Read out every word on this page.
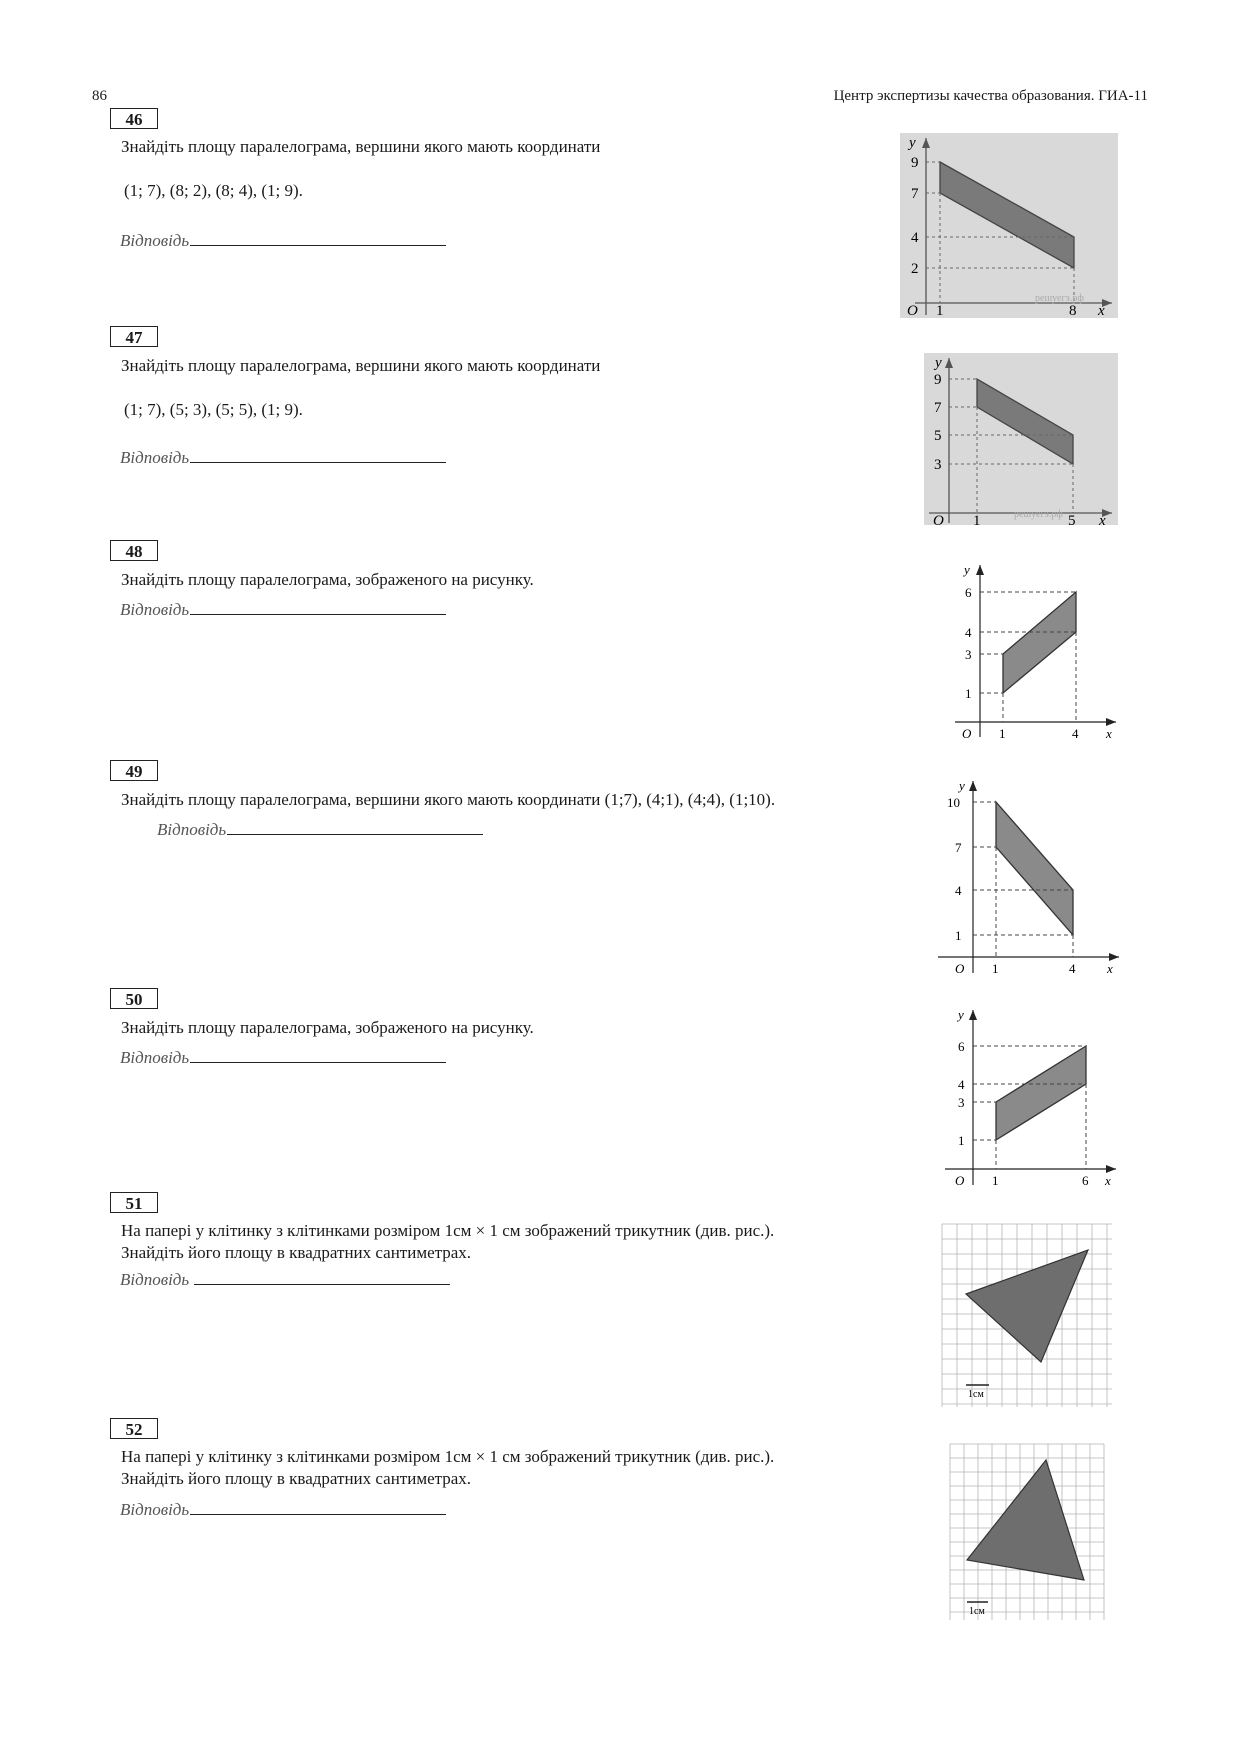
86	Центр экспертизы качества образования. ГИА-11
46
Знайдіть площу паралелограма, вершини якого мають координати
(1; 7), (8; 2), (8; 4), (1; 9).
Відповідь
9
7
4
2
1	8
O	x
y
решуегэ.рф
47
Знайдіть площу паралелограма, вершини якого мають координати
(1; 7), (5; 3), (5; 5), (1; 9).
Відповідь
9
7
5
3
1	5
O	x
y
решуегэ.рф
48
Знайдіть площу паралелограма, зображеного на рисунку.
Відповідь
6
4
3
1
1	4
O	x
y
49
Знайдіть площу паралелограма, вершини якого мають координати (1;7), (4;1), (4;4), (1;10).
Відповідь
10
7
4
1
1	4
O	x
y
50
Знайдіть площу паралелограма, зображеного на рисунку.
Відповідь
6
4
3
1
1	6
O	x
y
51
На папері у клітинку з клітинками розміром 1см × 1 см зображений трикутник (див. рис.).
Знайдіть його площу в квадратних сантиметрах.
Відповідь
1см
52
На папері у клітинку з клітинками розміром 1см × 1 см зображений трикутник (див. рис.).
Знайдіть його площу в квадратних сантиметрах.
Відповідь
1см
